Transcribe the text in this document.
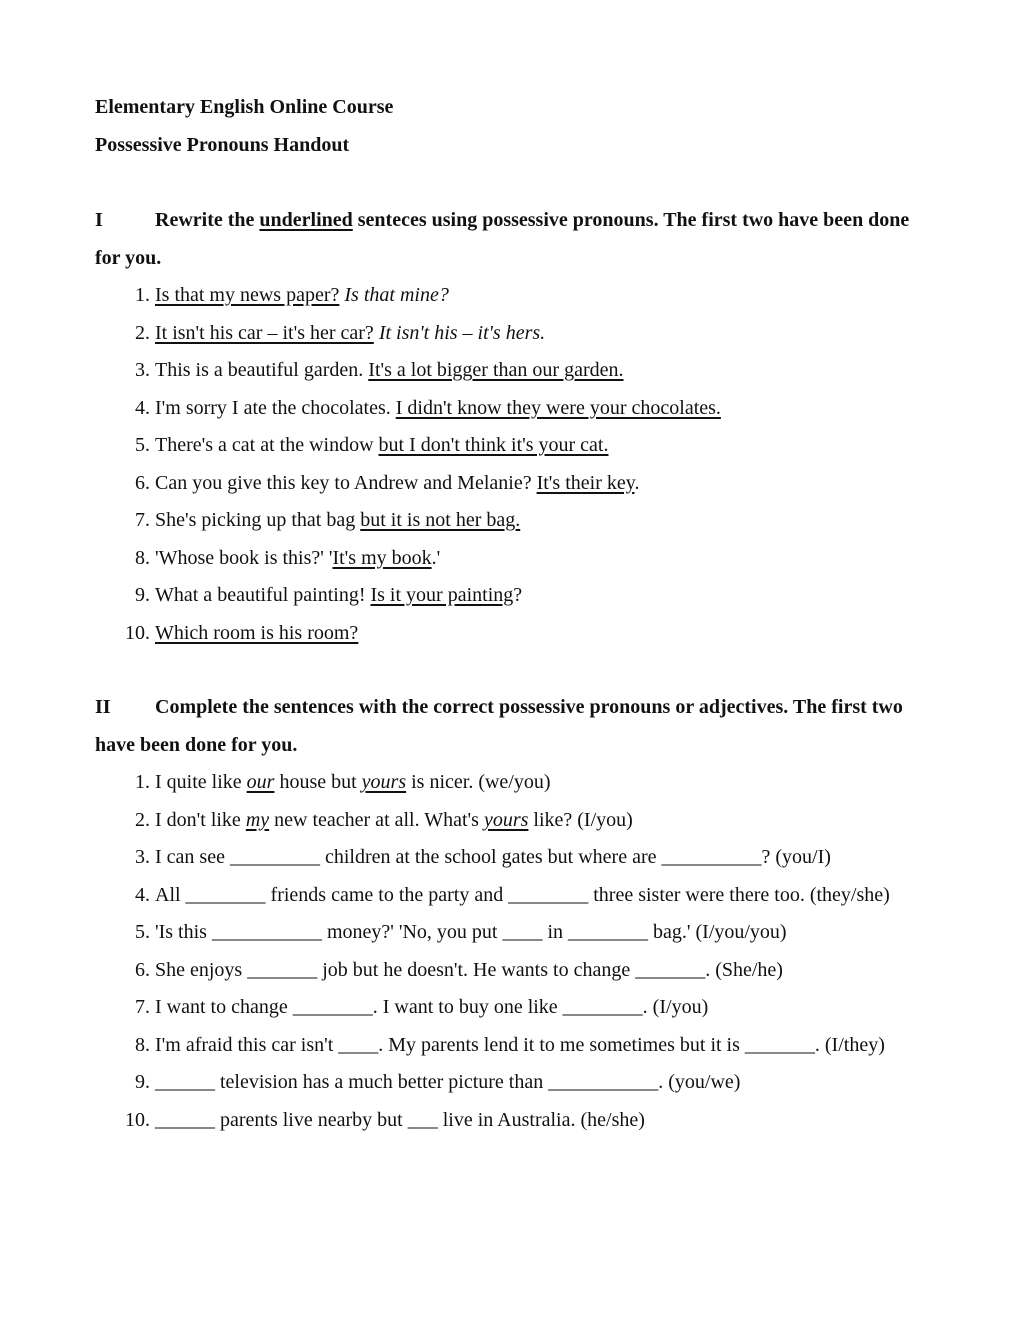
Elementary English Online Course
Possessive Pronouns Handout
I	Rewrite the underlined senteces using possessive pronouns. The first two have been done for you.
1. Is that my news paper? Is that mine?
2. It isn't his car – it's her car? It isn't his – it's hers.
3. This is a beautiful garden. It's a lot bigger than our garden.
4. I'm sorry I ate the chocolates. I didn't know they were your chocolates.
5. There's a cat at the window but I don't think it's your cat.
6. Can you give this key to Andrew and Melanie? It's their key.
7. She's picking up that bag but it is not her bag.
8. 'Whose book is this?' 'It's my book.'
9. What a beautiful painting! Is it your painting?
10. Which room is his room?
II Complete the sentences with the correct possessive pronouns or adjectives. The first two have been done for you.
1. I quite like our house but yours is nicer. (we/you)
2. I don't like my new teacher at all. What's yours like? (I/you)
3. I can see _________ children at the school gates but where are __________? (you/I)
4. All ________ friends came to the party and ________ three sister were there too. (they/she)
5. 'Is this ___________ money?' 'No, you put ____ in ________ bag.' (I/you/you)
6. She enjoys _______ job but he doesn't. He wants to change _______. (She/he)
7. I want to change ________. I want to buy one like ________. (I/you)
8. I'm afraid this car isn't ____. My parents lend it to me sometimes but it is _______. (I/they)
9. ______ television has a much better picture than ___________. (you/we)
10. ______ parents live nearby but ___ live in Australia. (he/she)
